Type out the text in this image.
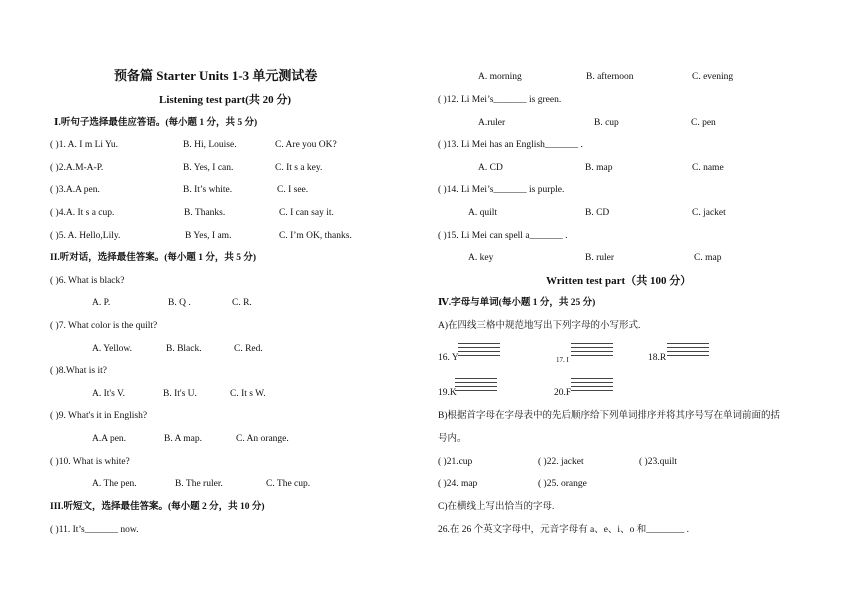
预备篇 Starter Units 1-3 单元测试卷
Listening test part(共 20 分)
Ⅰ.听句子选择最佳应答语。(每小题 1 分，共 5 分)
( )1. A. I m Li Yu.	B. Hi, Louise.	C. Are you OK?
( )2.A.M-A-P.	B. Yes, I can.	C. It s a key.
( )3.A.A pen.	B. It’s white.	C. I see.
( )4.A. It s a cup.	B. Thanks.	C. I can say it.
( )5. A. Hello,Lily.	B Yes, I am.	C. I’m OK, thanks.
II.听对话，选择最佳答案。(每小题 1 分，共 5 分)
( )6. What is black?
A. P.	B. Q .	C. R.
( )7. What color is the quilt?
A. Yellow.	B. Black.	C. Red.
( )8.What is it?
A. It's V.	B. It's U.	C. It s W.
( )9. What's it in English?
A.A pen.	B. A map.	C. An orange.
( )10. What is white?
A. The pen.	B. The ruler.	C. The cup.
III.听短文，选择最佳答案。(每小题 2 分，共 10 分)
( )11. It’s_______ now.
A. morning	B. afternoon	C. evening
( )12. Li Mei’s_______ is green.
A.ruler	B. cup	C. pen
( )13. Li Mei has an English_______ .
A. CD	B. map	C. name
( )14. Li Mei’s_______ is purple.
A. quilt	B. CD	C. jacket
( )15. Li Mei can spell a_______ .
A. key	B. ruler	C. map
Written test part（共 100 分）
Ⅳ.字母与单词(每小题 1 分，共 25 分)
A)在四线三格中规范地写出下列字母的小写形式.
16. Y	17. I	18.R
19.K	20.F
B)根据首字母在字母表中的先后顺序给下列单词排序并将其序号写在单词前面的括
号内。
( )21.cup	( )22. jacket	( )23.quilt
( )24. map	( )25. orange
C)在横线上写出恰当的字母.
26.在 26 个英文字母中，元音字母有 a、e、i、o 和________ .
